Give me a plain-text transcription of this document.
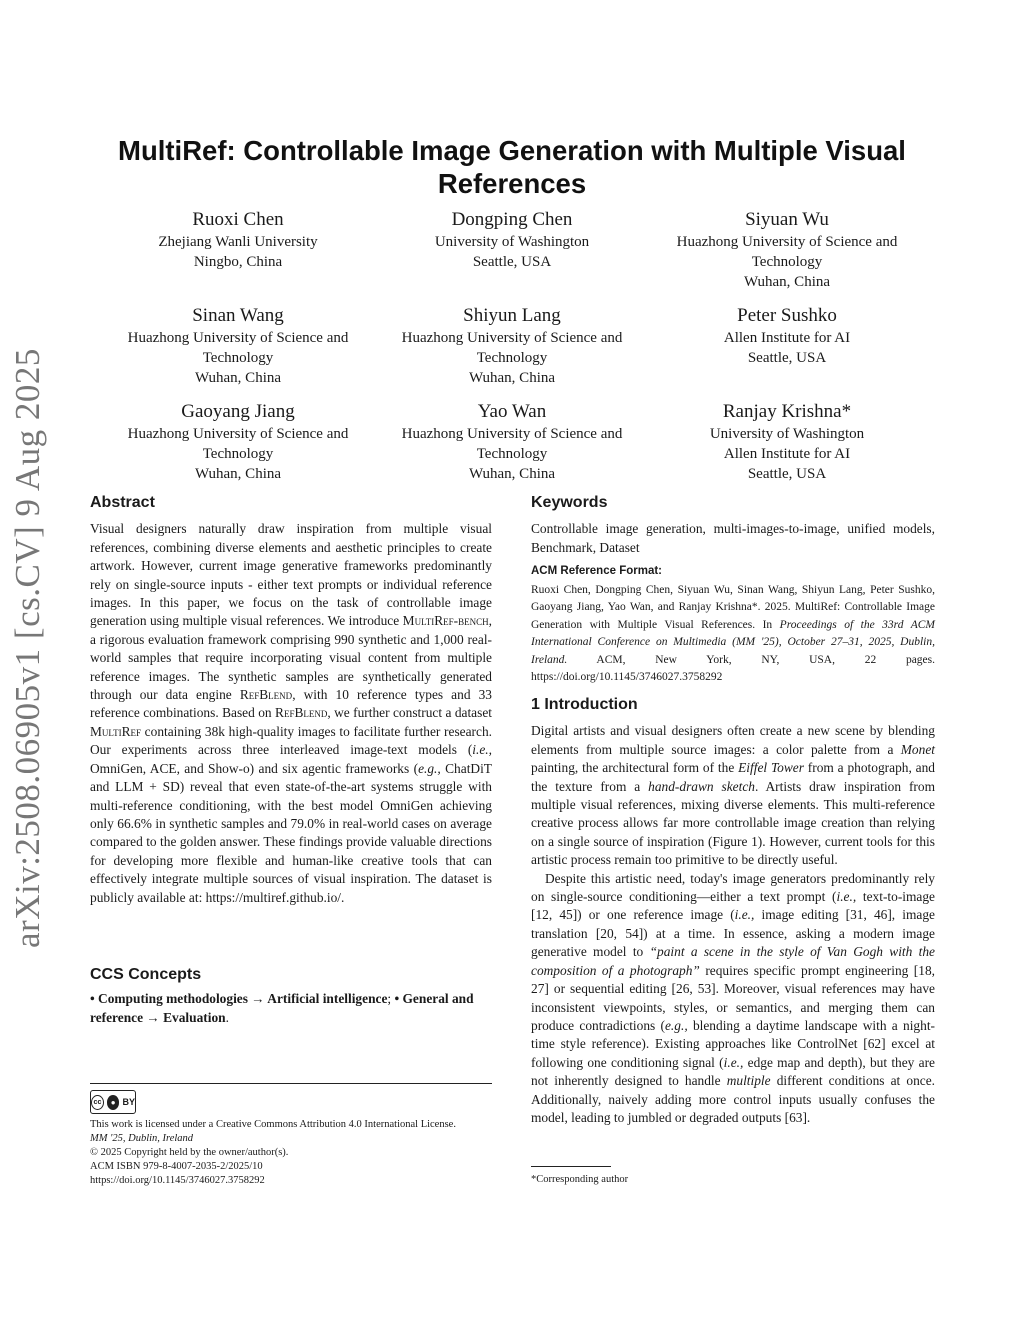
arXiv:2508.06905v1 [cs.CV] 9 Aug 2025
MultiRef: Controllable Image Generation with Multiple Visual References
Ruoxi Chen
Zhejiang Wanli University
Ningbo, China
Dongping Chen
University of Washington
Seattle, USA
Siyuan Wu
Huazhong University of Science and
Technology
Wuhan, China
Sinan Wang
Huazhong University of Science and
Technology
Wuhan, China
Shiyun Lang
Huazhong University of Science and
Technology
Wuhan, China
Peter Sushko
Allen Institute for AI
Seattle, USA
Gaoyang Jiang
Huazhong University of Science and
Technology
Wuhan, China
Yao Wan
Huazhong University of Science and
Technology
Wuhan, China
Ranjay Krishna*
University of Washington
Allen Institute for AI
Seattle, USA
Abstract
Visual designers naturally draw inspiration from multiple visual references, combining diverse elements and aesthetic principles to create artwork. However, current image generative frameworks predominantly rely on single-source inputs - either text prompts or individual reference images. In this paper, we focus on the task of controllable image generation using multiple visual references. We introduce MultiRef-bench, a rigorous evaluation framework comprising 990 synthetic and 1,000 real-world samples that require incorporating visual content from multiple reference images. The synthetic samples are synthetically generated through our data engine RefBlend, with 10 reference types and 33 reference combinations. Based on RefBlend, we further construct a dataset MultiRef containing 38k high-quality images to facilitate further research. Our experiments across three interleaved image-text models (i.e., OmniGen, ACE, and Show-o) and six agentic frameworks (e.g., ChatDiT and LLM + SD) reveal that even state-of-the-art systems struggle with multi-reference conditioning, with the best model OmniGen achieving only 66.6% in synthetic samples and 79.0% in real-world cases on average compared to the golden answer. These findings provide valuable directions for developing more flexible and human-like creative tools that can effectively integrate multiple sources of visual inspiration. The dataset is publicly available at: https://multiref.github.io/.
CCS Concepts
• Computing methodologies → Artificial intelligence; • General and reference → Evaluation.
cc	● BY
This work is licensed under a Creative Commons Attribution 4.0 International License.
MM '25, Dublin, Ireland
© 2025 Copyright held by the owner/author(s).
ACM ISBN 979-8-4007-2035-2/2025/10
https://doi.org/10.1145/3746027.3758292
Keywords
Controllable image generation, multi-images-to-image, unified models, Benchmark, Dataset
ACM Reference Format:
Ruoxi Chen, Dongping Chen, Siyuan Wu, Sinan Wang, Shiyun Lang, Peter Sushko, Gaoyang Jiang, Yao Wan, and Ranjay Krishna*. 2025. MultiRef: Controllable Image Generation with Multiple Visual References. In Proceedings of the 33rd ACM International Conference on Multimedia (MM '25), October 27–31, 2025, Dublin, Ireland. ACM, New York, NY, USA, 22 pages. https://doi.org/10.1145/3746027.3758292
1 Introduction
Digital artists and visual designers often create a new scene by blending elements from multiple source images: a color palette from a Monet painting, the architectural form of the Eiffel Tower from a photograph, and the texture from a hand-drawn sketch. Artists draw inspiration from multiple visual references, mixing diverse elements. This multi-reference creative process allows far more controllable image creation than relying on a single source of inspiration (Figure 1). However, current tools for this artistic process remain too primitive to be directly useful.
Despite this artistic need, today's image generators predominantly rely on single-source conditioning—either a text prompt (i.e., text-to-image [12, 45]) or one reference image (i.e., image editing [31, 46], image translation [20, 54]) at a time. In essence, asking a modern image generative model to “paint a scene in the style of Van Gogh with the composition of a photograph” requires specific prompt engineering [18, 27] or sequential editing [26, 53]. Moreover, visual references may have inconsistent viewpoints, styles, or semantics, and merging them can produce contradictions (e.g., blending a daytime landscape with a night-time style reference). Existing approaches like ControlNet [62] excel at following one conditioning signal (i.e., edge map and depth), but they are not inherently designed to handle multiple different conditions at once. Additionally, naively adding more control inputs usually confuses the model, leading to jumbled or degraded outputs [63].
*Corresponding author
